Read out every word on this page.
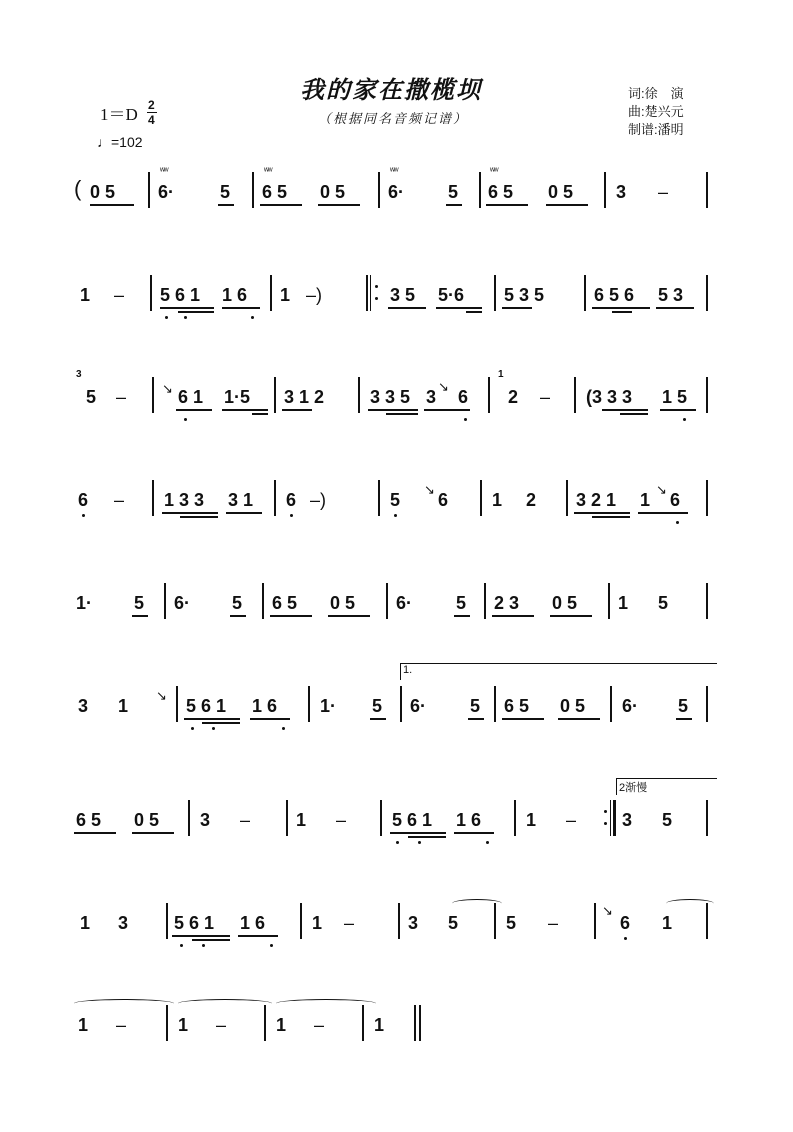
我的家在撒榄坝
（根据同名音频记谱）
词:徐　演
曲:楚兴元
制谱:潘明
1＝D 2
4
♩=102
( 0 5
ʷʷ
6·	5
ʷʷ
6 5 0 5
ʷʷ
6· 5
ʷʷ
6 5 0 5 3 –
1 – 5 6 1 1 6 1 –)	3 5 5·6 5 3 5	6 5 6 5 3
3
5 –	↘ 6 1 1·5 3 1 2	3 3 5 3
↘
6
1
2 – (3 3 3 1 5
6 – 1 3 3 3 1 6 –)	5
↘
6 1 2 3 2 1 1
↘
6
1· 5 6· 5 6 5 0 5 6· 5 2 3 0 5 1 5
1.
3 1
↘
5 6 1 1 6 1· 5 6· 5 6 5 0 5 6· 5
2渐慢
6 5 0 5 3 –	1 –	5 6 1 1 6 1 –	3 5
1 3	5 6 1 1 6	1 –	3 5	5 –
↘
6 1
1 –	1 –	1 –	1
